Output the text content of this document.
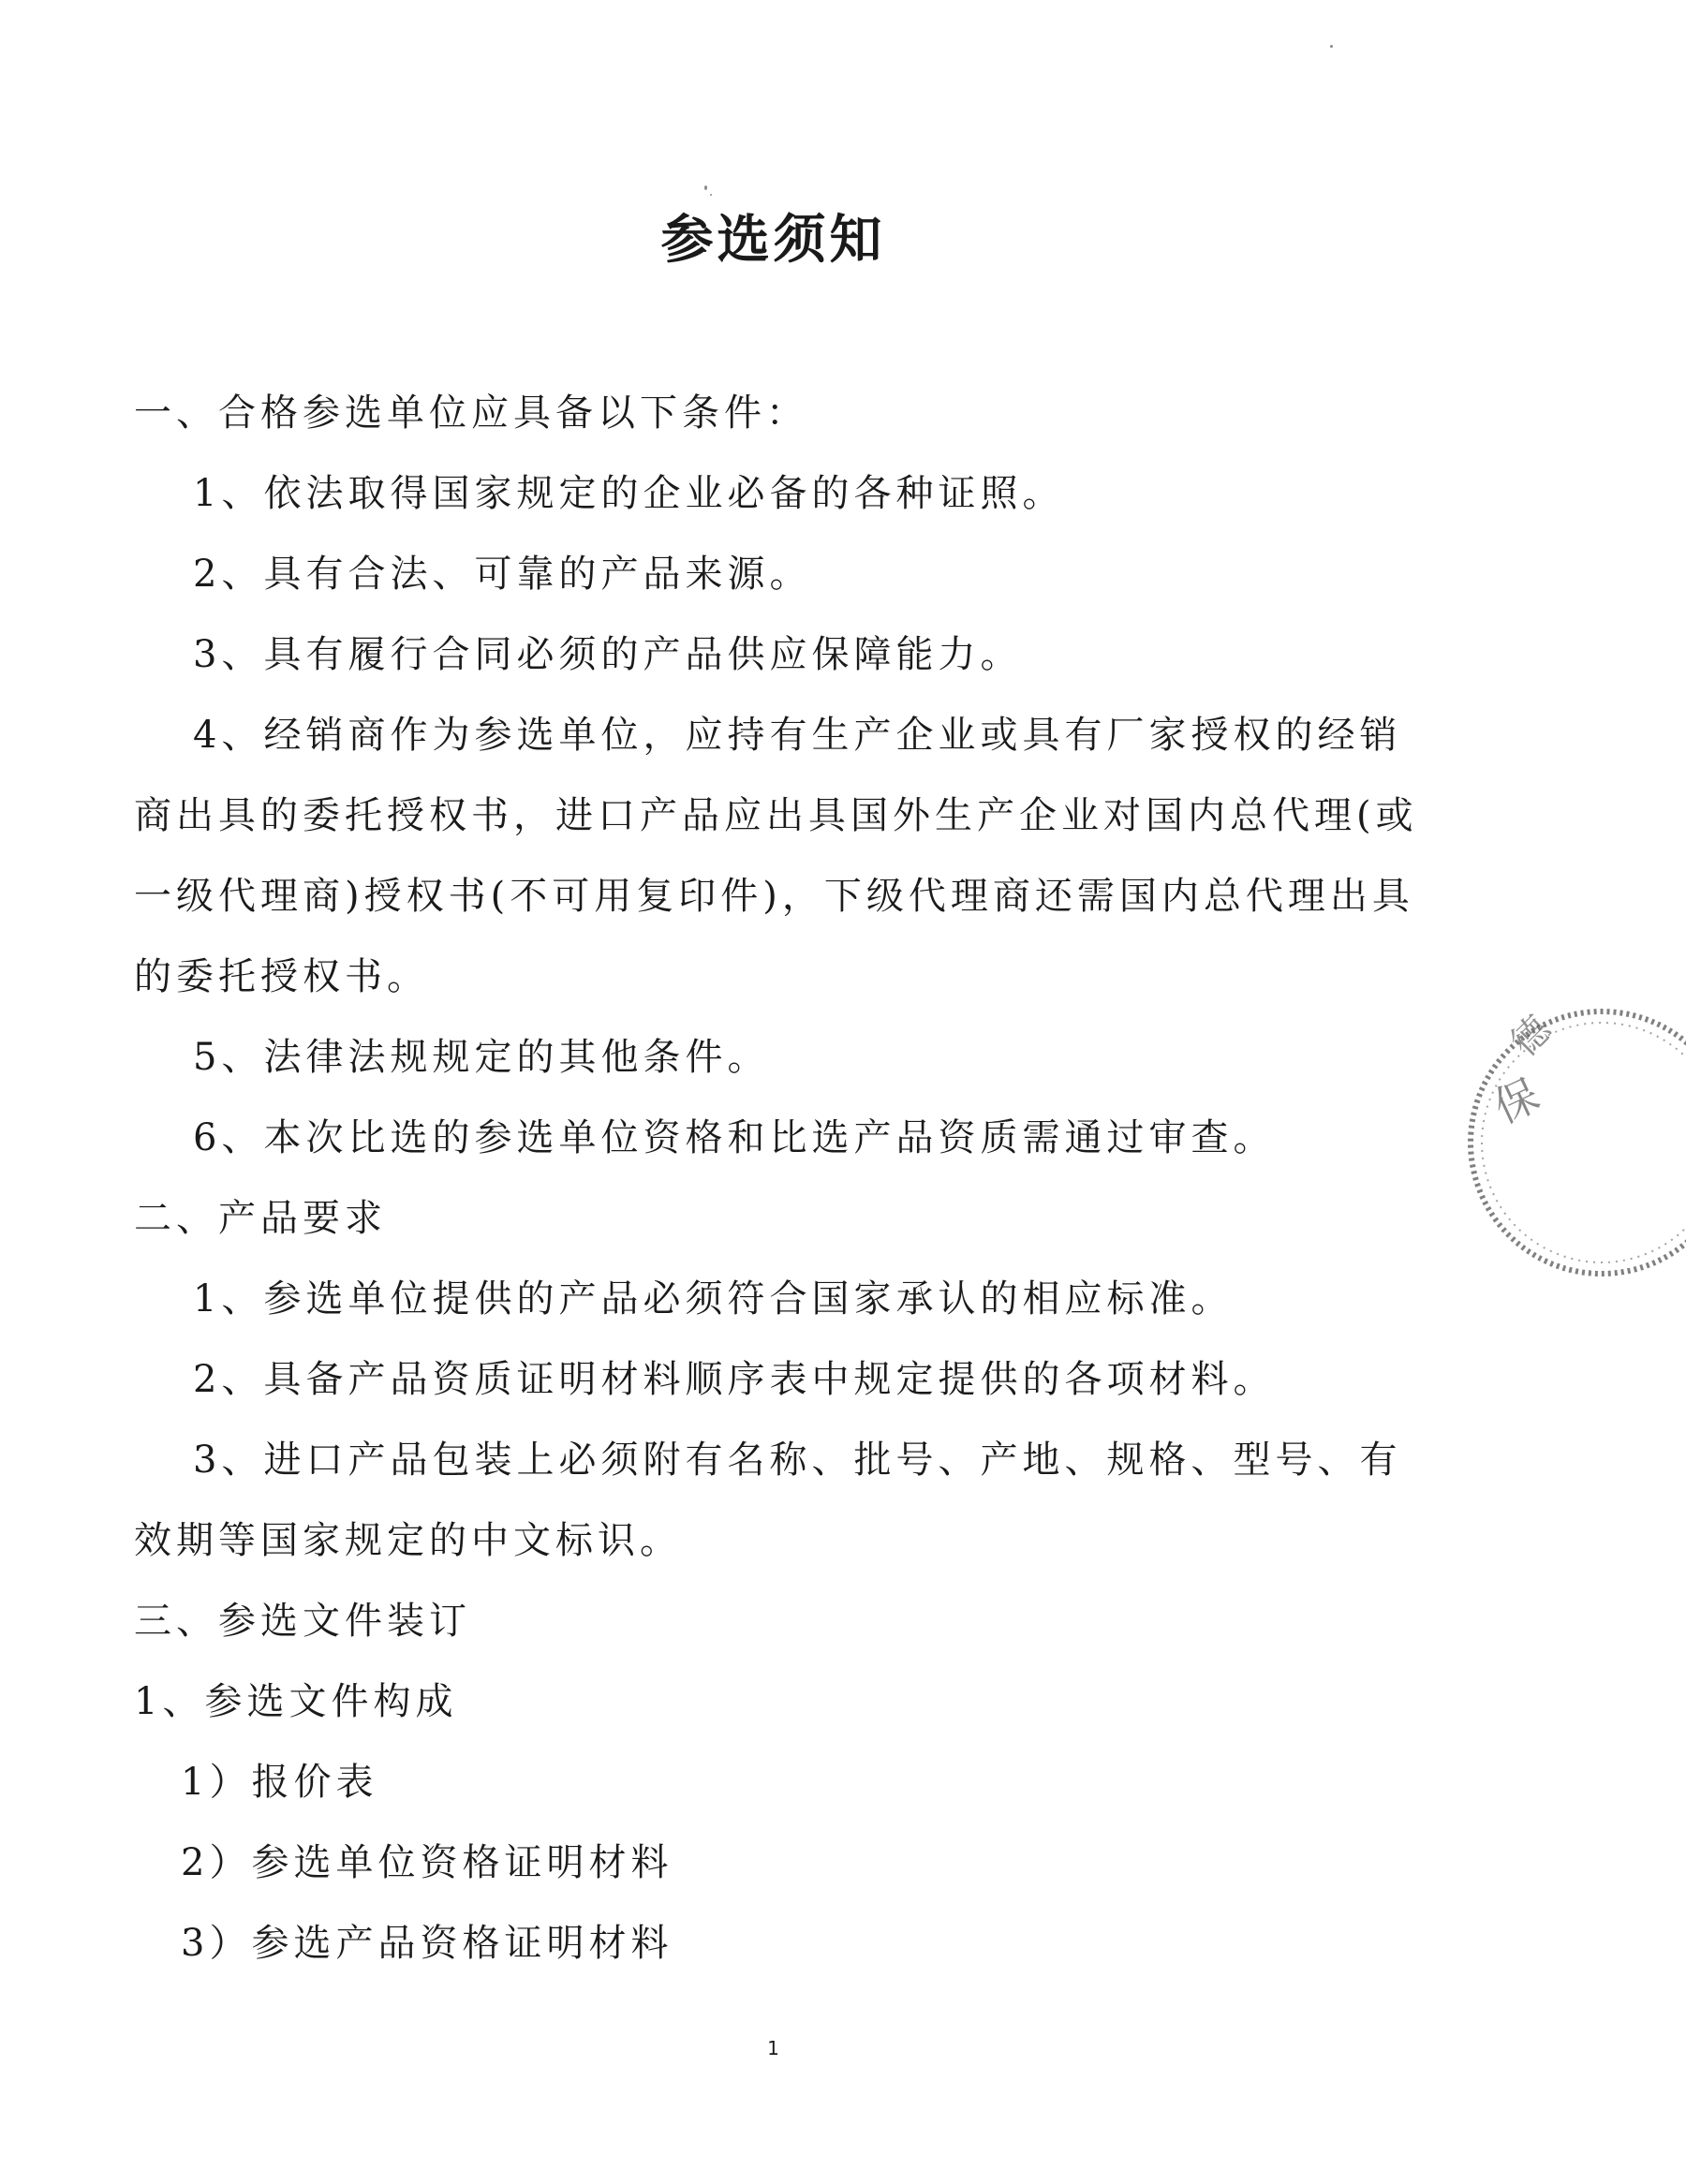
参选须知
一、合格参选单位应具备以下条件：
1、依法取得国家规定的企业必备的各种证照。
2、具有合法、可靠的产品来源。
3、具有履行合同必须的产品供应保障能力。
4、经销商作为参选单位，应持有生产企业或具有厂家授权的经销
商出具的委托授权书，进口产品应出具国外生产企业对国内总代理(或
一级代理商)授权书(不可用复印件)，下级代理商还需国内总代理出具
的委托授权书。
5、法律法规规定的其他条件。
6、本次比选的参选单位资格和比选产品资质需通过审查。
二、产品要求
1、参选单位提供的产品必须符合国家承认的相应标准。
2、具备产品资质证明材料顺序表中规定提供的各项材料。
3、进口产品包装上必须附有名称、批号、产地、规格、型号、有
效期等国家规定的中文标识。
三、参选文件装订
1、参选文件构成
1）报价表
2）参选单位资格证明材料
3）参选产品资格证明材料
保
德
1
